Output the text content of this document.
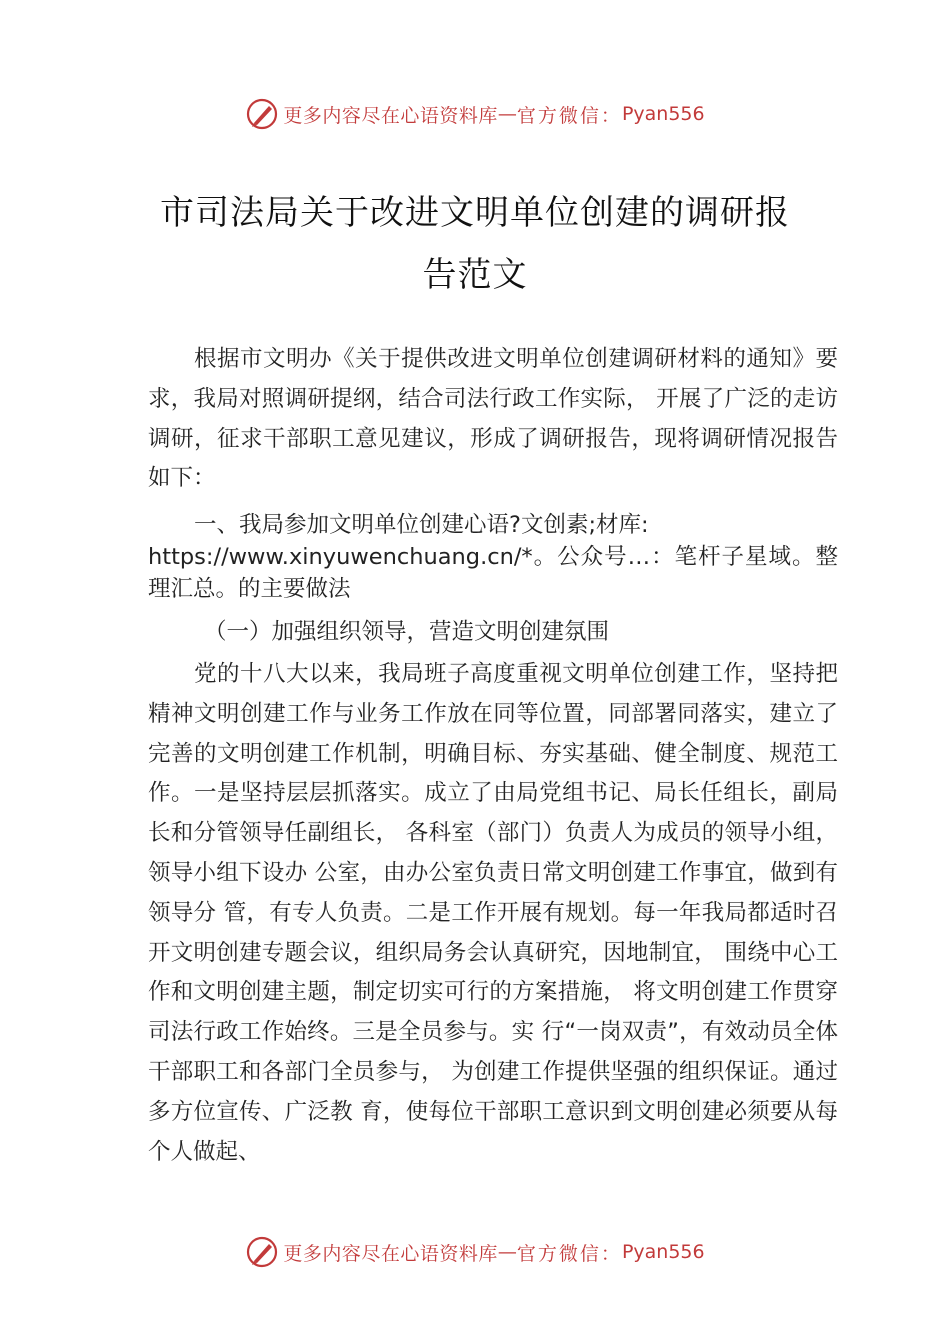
更多内容尽在心语资料库 — 官方微信： Pyan556
市司法局关于改进文明单位创建的调研报
告范文

根据市文明办《关于提供改进文明单位创建调研材料的通知》要求，我局对照调研提纲，结合司法行政工作实际， 开展了广泛的走访调研，征求干部职工意见建议，形成了调研报告，现将调研情况报告如下：

一、我局参加文明单位创建心语?文创素;材库:

https://www.xinyuwenchuang.cn/*。公众号…：笔杆子星域。整理汇总。的主要做法

（一）加强组织领导，营造文明创建氛围

党的十八大以来，我局班子高度重视文明单位创建工作，坚持把精神文明创建工作与业务工作放在同等位置，同部署同落实，建立了完善的文明创建工作机制，明确目标、夯实基础、健全制度、规范工作。一是坚持层层抓落实。成立了由局党组书记、局长任组长，副局长和分管领导任副组长， 各科室（部门）负责人为成员的领导小组，领导小组下设办 公室，由办公室负责日常文明创建工作事宜，做到有领导分 管，有专人负责。二是工作开展有规划。每一年我局都适时召开文明创建专题会议，组织局务会认真研究，因地制宜， 围绕中心工作和文明创建主题，制定切实可行的方案措施， 将文明创建工作贯穿司法行政工作始终。三是全员参与。实 行“一岗双责”，有效动员全体干部职工和各部门全员参与， 为创建工作提供坚强的组织保证。通过多方位宣传、广泛教 育，使每位干部职工意识到文明创建必须要从每个人做起、

更多内容尽在心语资料库 — 官方微信： Pyan556
